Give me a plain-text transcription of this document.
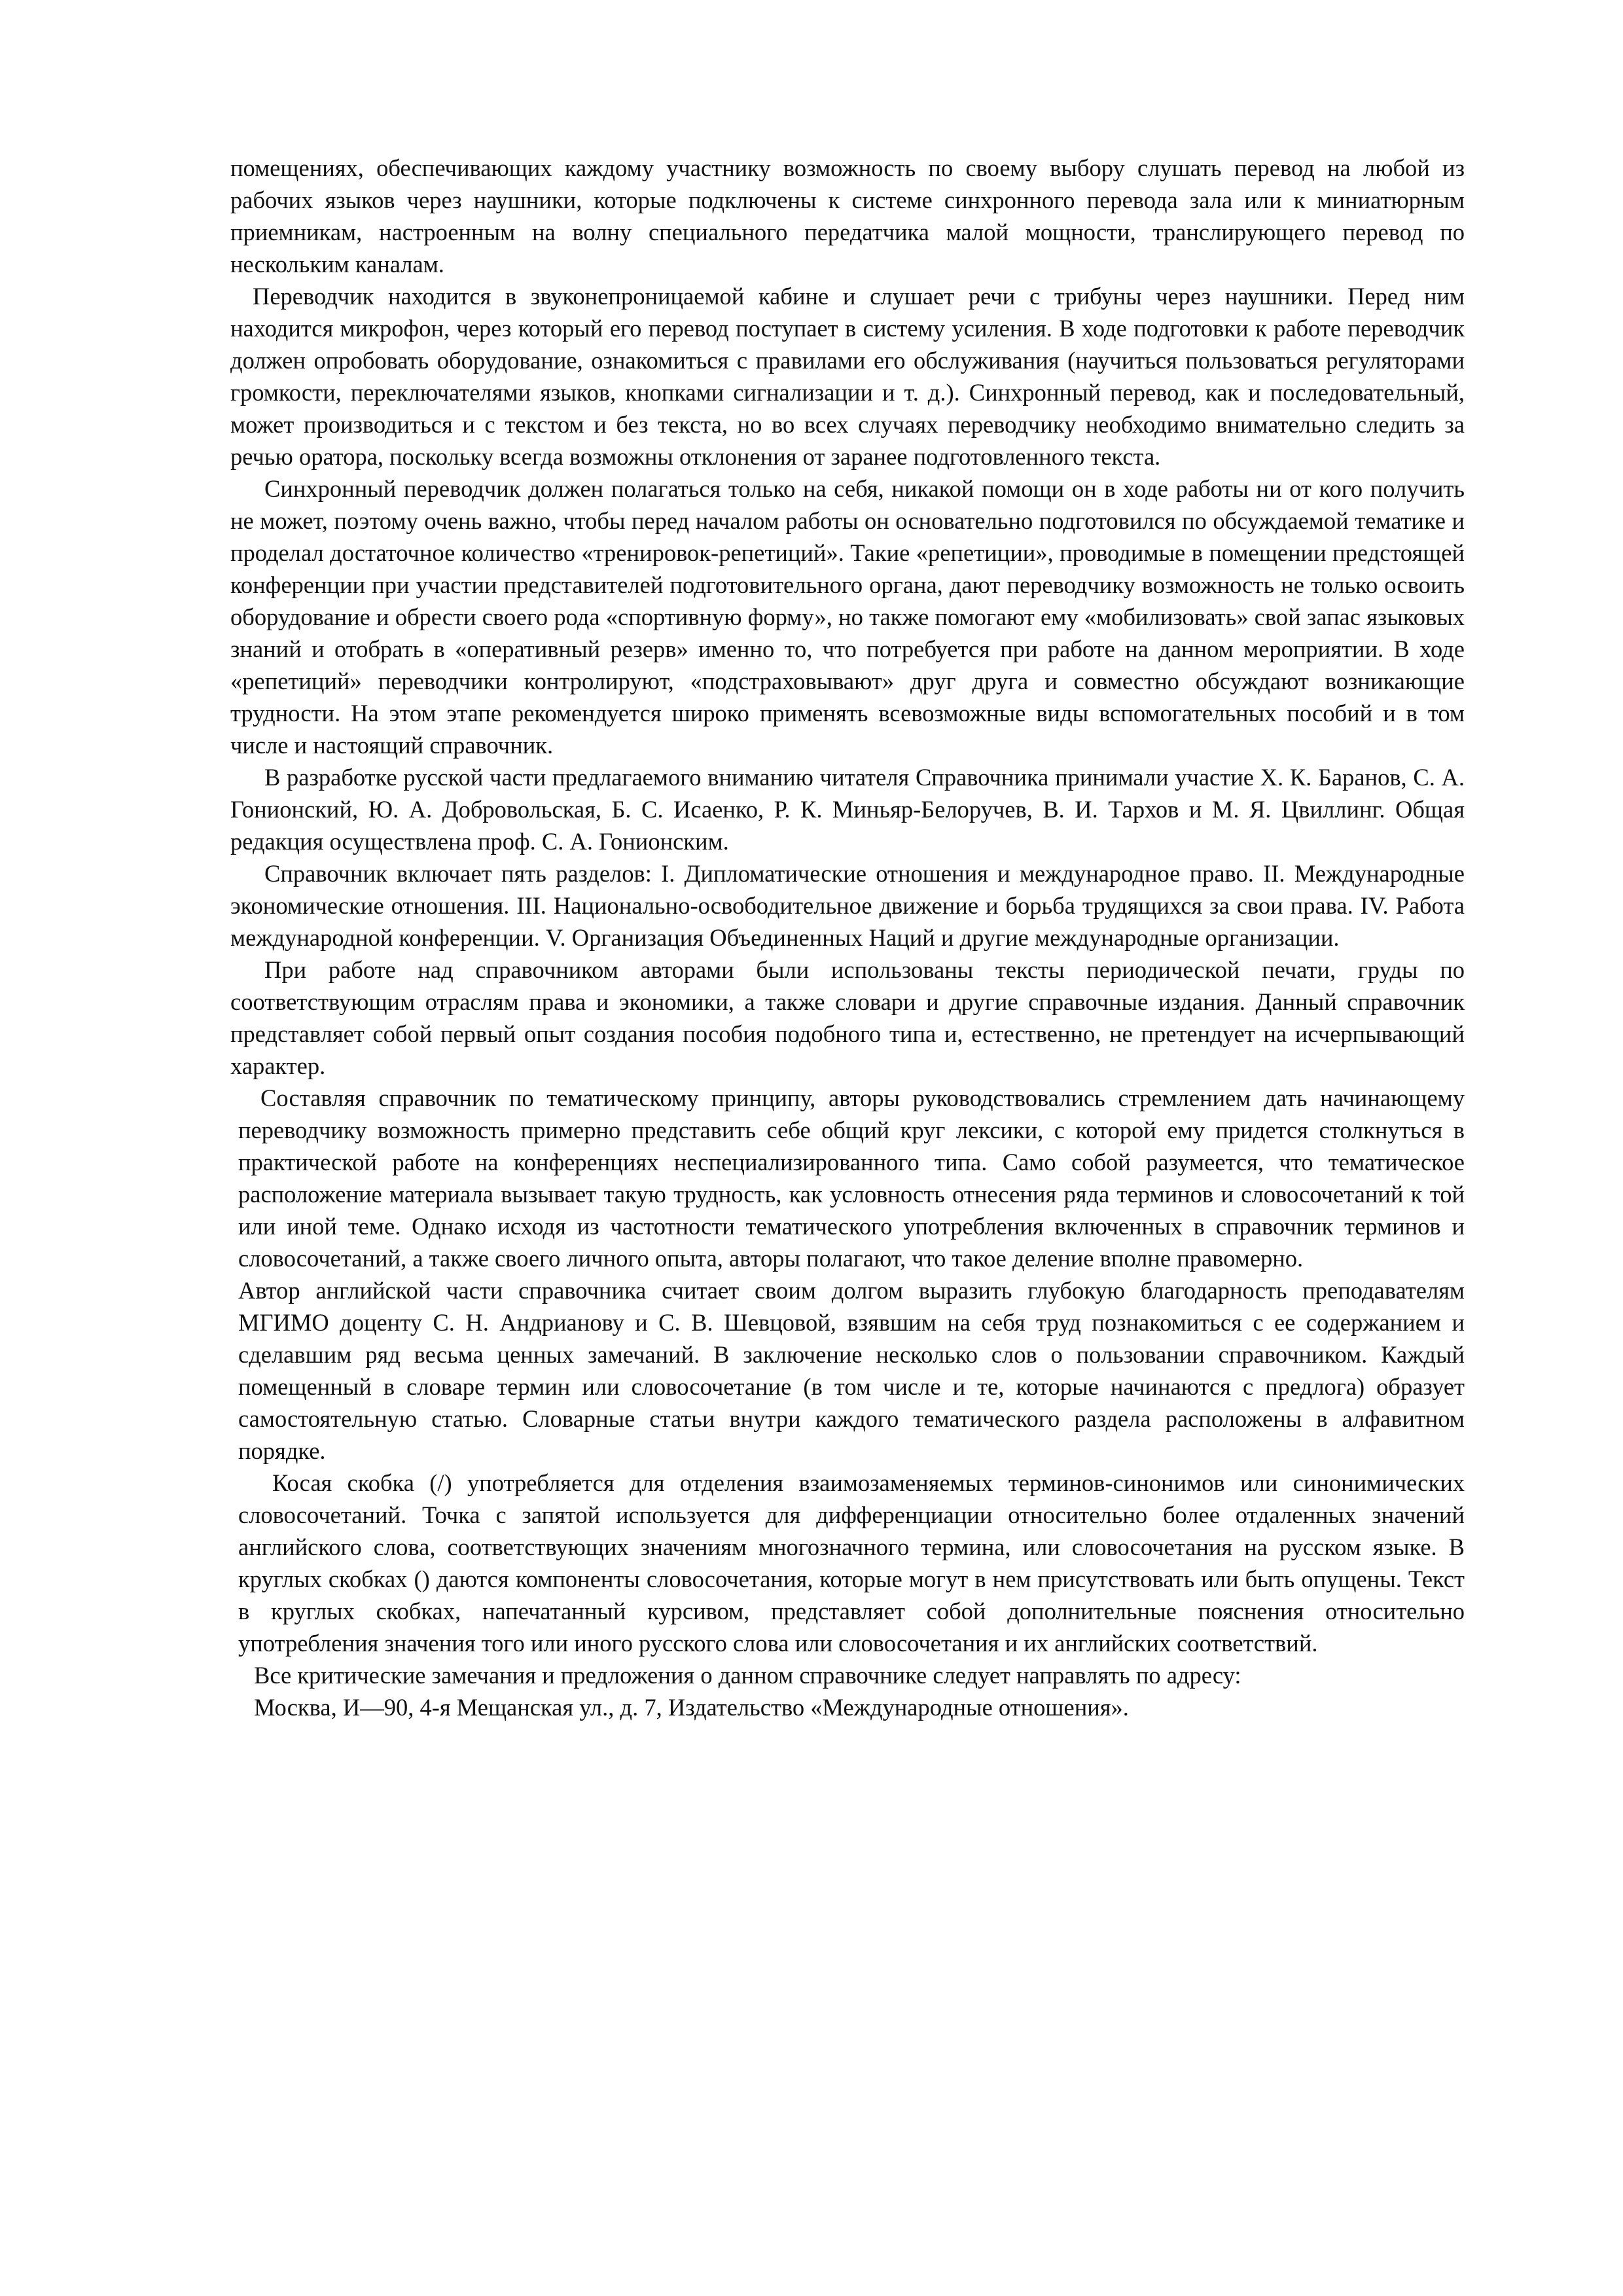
помещениях, обеспечивающих каждому участнику возможность по своему выбору слушать перевод на любой из рабочих языков через наушники, которые подключены к системе синхронного перевода зала или к миниатюрным приемникам, настроенным на волну специального передатчика малой мощности, транслирующего перевод по нескольким каналам.

Переводчик находится в звуконепроницаемой кабине и слушает речи с трибуны через наушники. Перед ним находится микрофон, через который его перевод поступает в систему усиления. В ходе подготовки к работе переводчик должен опробовать оборудование, ознакомиться с правилами его обслуживания (научиться пользоваться регуляторами громкости, переключателями языков, кнопками сигнализации и т. д.). Синхронный перевод, как и последовательный, может производиться и с текстом и без текста, но во всех случаях переводчику необходимо внимательно следить за речью оратора, поскольку всегда возможны отклонения от заранее подготовленного текста.

Синхронный переводчик должен полагаться только на себя, никакой помощи он в ходе работы ни от кого получить не может, поэтому очень важно, чтобы перед началом работы он основательно подготовился по обсуждаемой тематике и проделал достаточное количество «тренировок-репетиций». Такие «репетиции», проводимые в помещении предстоящей конференции при участии представителей подготовительного органа, дают переводчику возможность не только освоить оборудование и обрести своего рода «спортивную форму», но также помогают ему «мобилизовать» свой запас языковых знаний и отобрать в «оперативный резерв» именно то, что потребуется при работе на данном мероприятии. В ходе «репетиций» переводчики контролируют, «подстраховывают» друг друга и совместно обсуждают возникающие трудности. На этом этапе рекомендуется широко применять всевозможные виды вспомогательных пособий и в том числе и настоящий справочник.

В разработке русской части предлагаемого вниманию читателя Справочника принимали участие Х. К. Баранов, С. А. Гонионский, Ю. А. Добровольская, Б. С. Исаенко, Р. К. Миньяр-Белоручев, В. И. Тархов и М. Я. Цвиллинг. Общая редакция осуществлена проф. С. А. Гонионским.

Справочник включает пять разделов: I. Дипломатические отношения и международное право. II. Международные экономические отношения. III. Национально-освободительное движение и борьба трудящихся за свои права. IV. Работа международной конференции. V. Организация Объединенных Наций и другие международные организации.

При работе над справочником авторами были использованы тексты периодической печати, груды по соответствующим отраслям права и экономики, а также словари и другие справочные издания. Данный справочник представляет собой первый опыт создания пособия подобного типа и, естественно, не претендует на исчерпывающий характер.

Составляя справочник по тематическому принципу, авторы руководствовались стремлением дать начинающему переводчику возможность примерно представить себе общий круг лексики, с которой ему придется столкнуться в практической работе на конференциях неспециализированного типа. Само собой разумеется, что тематическое расположение материала вызывает такую трудность, как условность отнесения ряда терминов и словосочетаний к той или иной теме. Однако исходя из частотности тематического употребления включенных в справочник терминов и словосочетаний, а также своего личного опыта, авторы полагают, что такое деление вполне правомерно.

Автор английской части справочника считает своим долгом выразить глубокую благодарность преподавателям МГИМО доценту С. Н. Андрианову и С. В. Шевцовой, взявшим на себя труд познакомиться с ее содержанием и сделавшим ряд весьма ценных замечаний. В заключение несколько слов о пользовании справочником. Каждый помещенный в словаре термин или словосочетание (в том числе и те, которые начинаются с предлога) образует самостоятельную статью. Словарные статьи внутри каждого тематического раздела расположены в алфавитном порядке.

Косая скобка (/) употребляется для отделения взаимозаменяемых терминов-синонимов или синонимических словосочетаний. Точка с запятой используется для дифференциации относительно более отдаленных значений английского слова, соответствующих значениям многозначного термина, или словосочетания на русском языке. В круглых скобках () даются компоненты словосочетания, которые могут в нем присутствовать или быть опущены. Текст в круглых скобках, напечатанный курсивом, представляет собой дополнительные пояснения относительно употребления значения того или иного русского слова или словосочетания и их английских соответствий.

Все критические замечания и предложения о данном справочнике следует направлять по адресу:

Москва, И—90, 4-я Мещанская ул., д. 7, Издательство «Международные отношения».
